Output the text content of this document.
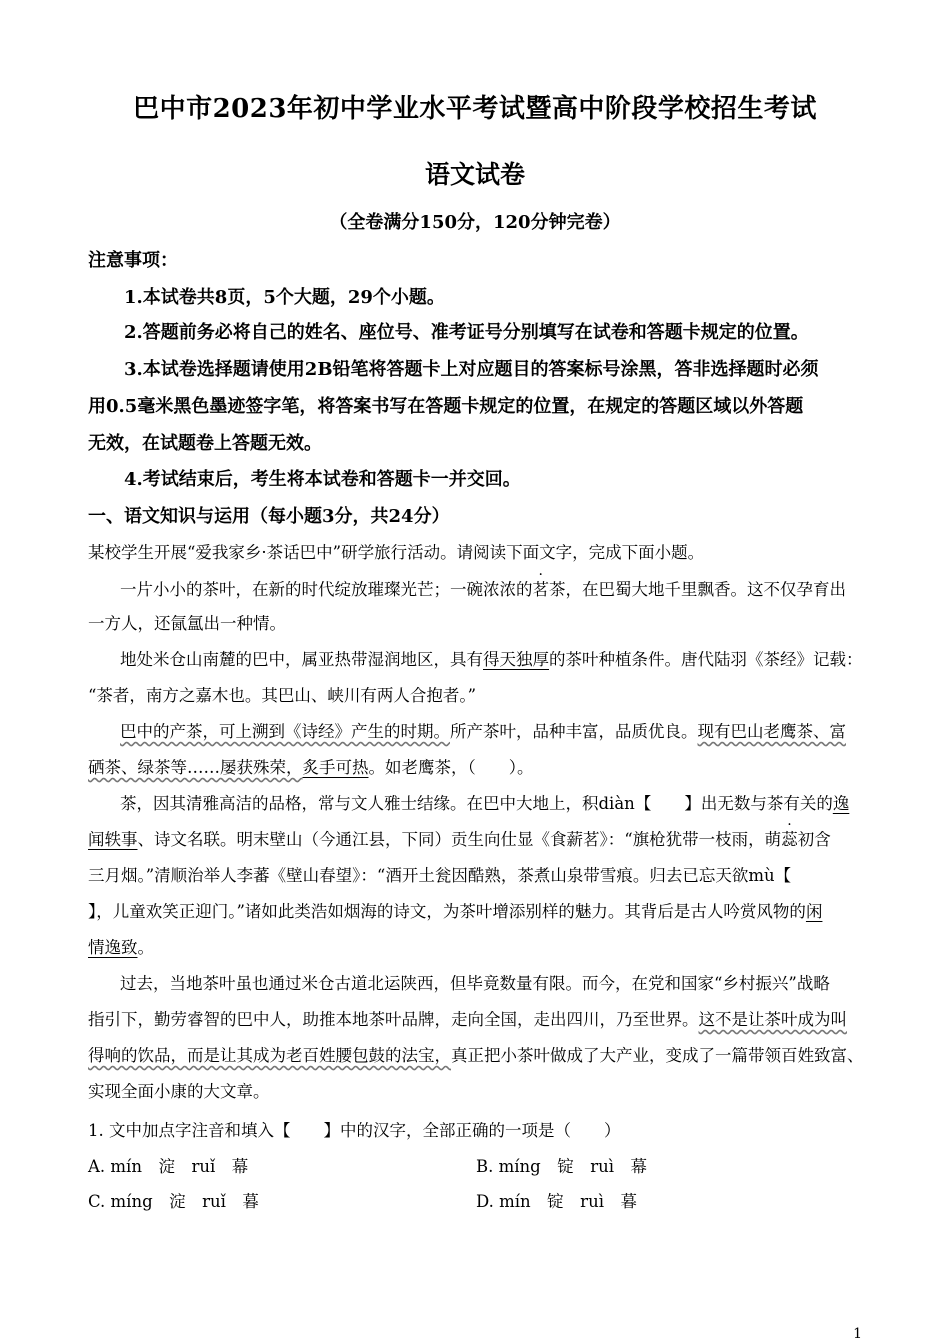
巴中市2023年初中学业水平考试暨高中阶段学校招生考试
语文试卷
（全卷满分150分，120分钟完卷）
注意事项：
1.本试卷共8页，5个大题，29个小题。
2.答题前务必将自己的姓名、座位号、准考证号分别填写在试卷和答题卡规定的位置。
3.本试卷选择题请使用2B铅笔将答题卡上对应题目的答案标号涂黑，答非选择题时必须
用0.5毫米黑色墨迹签字笔，将答案书写在答题卡规定的位置，在规定的答题区域以外答题
无效，在试题卷上答题无效。
4.考试结束后，考生将本试卷和答题卡一并交回。
一、语文知识与运用（每小题3分，共24分）
某校学生开展“爱我家乡·茶话巴中”研学旅行活动。请阅读下面文字，完成下面小题。
一片小小的茶叶，在新的时代绽放璀璨光芒；一碗浓浓的茗茶，在巴蜀大地千里飘香。这不仅孕育出
一方人，还氤氲出一种情。
地处米仓山南麓的巴中，属亚热带湿润地区，具有得天独厚的茶叶种植条件。唐代陆羽《茶经》记载：
“茶者，南方之嘉木也。其巴山、峡川有两人合抱者。”
巴中的产茶，可上溯到《诗经》产生的时期。所产茶叶，品种丰富，品质优良。现有巴山老鹰茶、富
硒茶、绿茶等……屡获殊荣，炙手可热。如老鹰茶，（　　）。
茶，因其清雅高洁的品格，常与文人雅士结缘。在巴中大地上，积diàn【　　】出无数与茶有关的逸
闻轶事、诗文名联。明末壁山（今通江县，下同）贡生向仕显《食薪茗》：“旗枪犹带一枝雨，萌蕊初含
三月烟。”清顺治举人李蕃《壁山春望》：“酒开土瓮因酷熟，茶煮山泉带雪痕。归去已忘天欲mù【
】，儿童欢笑正迎门。”诸如此类浩如烟海的诗文，为茶叶增添别样的魅力。其背后是古人吟赏风物的闲
情逸致。
过去，当地茶叶虽也通过米仓古道北运陕西，但毕竟数量有限。而今，在党和国家“乡村振兴”战略
指引下，勤劳睿智的巴中人，助推本地茶叶品牌，走向全国，走出四川，乃至世界。这不是让茶叶成为叫
得响的饮品，而是让其成为老百姓腰包鼓的法宝，真正把小茶叶做成了大产业，变成了一篇带领百姓致富、
实现全面小康的大文章。
1. 文中加点字注音和填入【　　】中的汉字，全部正确的一项是（　　）
A. mín　淀　ruǐ　幕	B. míng　锭　ruì　幕
C. míng　淀　ruǐ　暮	D. mín　锭　ruì　暮
1
